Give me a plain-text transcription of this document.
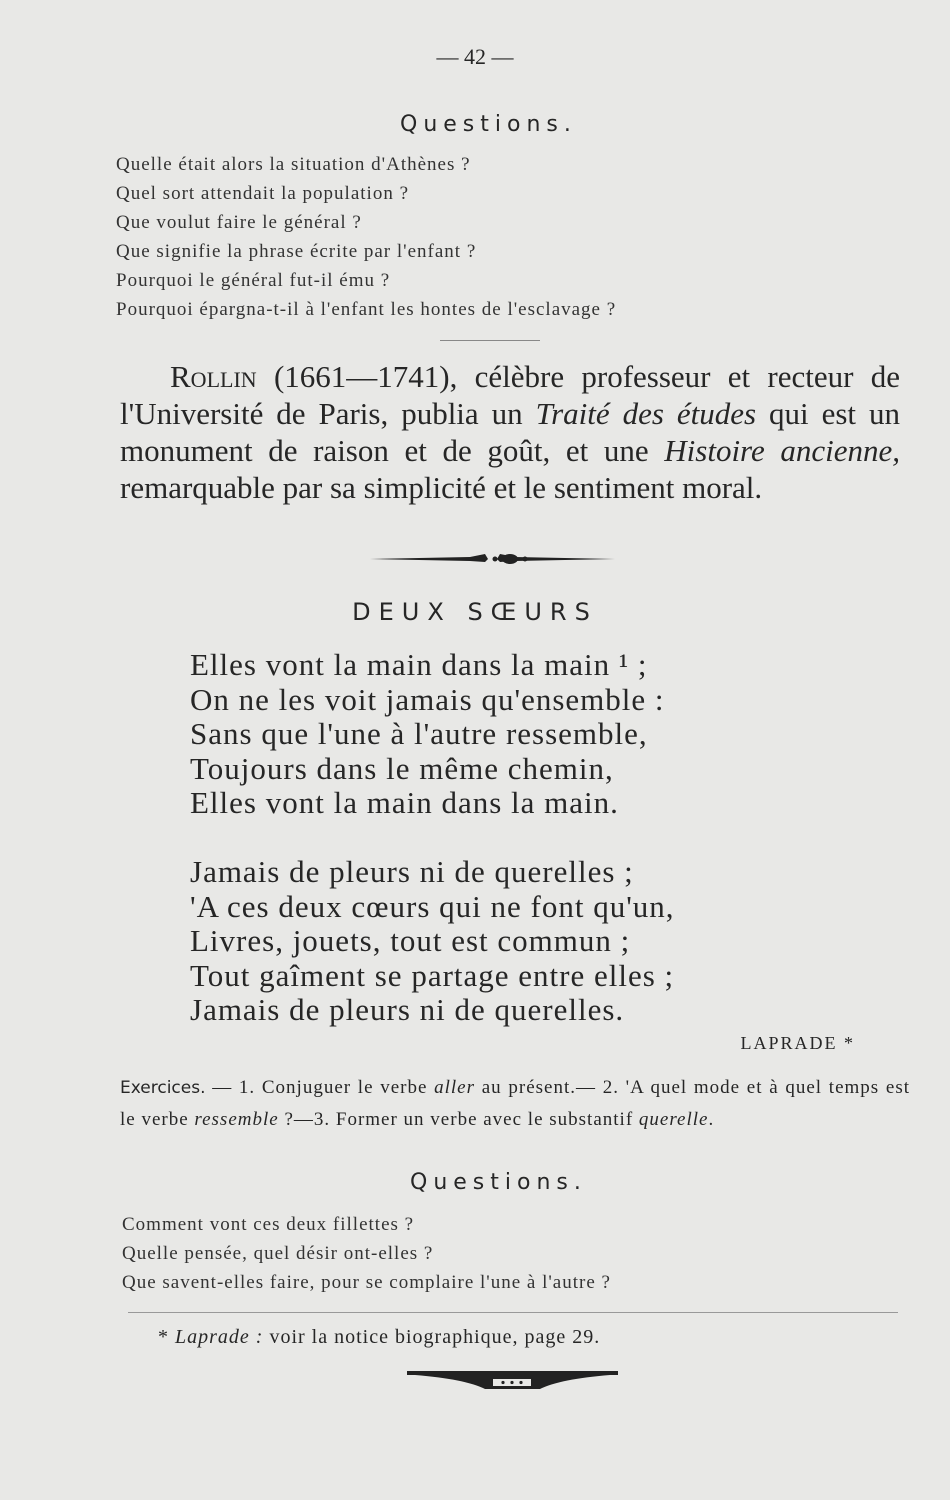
— 42 —
Questions.
Quelle était alors la situation d'Athènes ?
Quel sort attendait la population ?
Que voulut faire le général ?
Que signifie la phrase écrite par l'enfant ?
Pourquoi le général fut-il ému ?
Pourquoi épargna-t-il à l'enfant les hontes de l'esclavage ?
Rollin (1661—1741), célèbre professeur et recteur de l'Université de Paris, publia un Traité des études qui est un monument de raison et de goût, et une Histoire ancienne, remarquable par sa simplicité et le sentiment moral.
DEUX SŒURS
Elles vont la main dans la main ¹ ;
On ne les voit jamais qu'ensemble :
Sans que l'une à l'autre ressemble,
Toujours dans le même chemin,
Elles vont la main dans la main.
Jamais de pleurs ni de querelles ;
'A ces deux cœurs qui ne font qu'un,
Livres, jouets, tout est commun ;
Tout gaîment se partage entre elles ;
Jamais de pleurs ni de querelles.
LAPRADE *
Exercices. — 1. Conjuguer le verbe aller au présent.— 2. 'A quel mode et à quel temps est le verbe ressemble ?—3. Former un verbe avec le substantif querelle.
Questions.
Comment vont ces deux fillettes ?
Quelle pensée, quel désir ont-elles ?
Que savent-elles faire, pour se complaire l'une à l'autre ?
* Laprade : voir la notice biographique, page 29.
